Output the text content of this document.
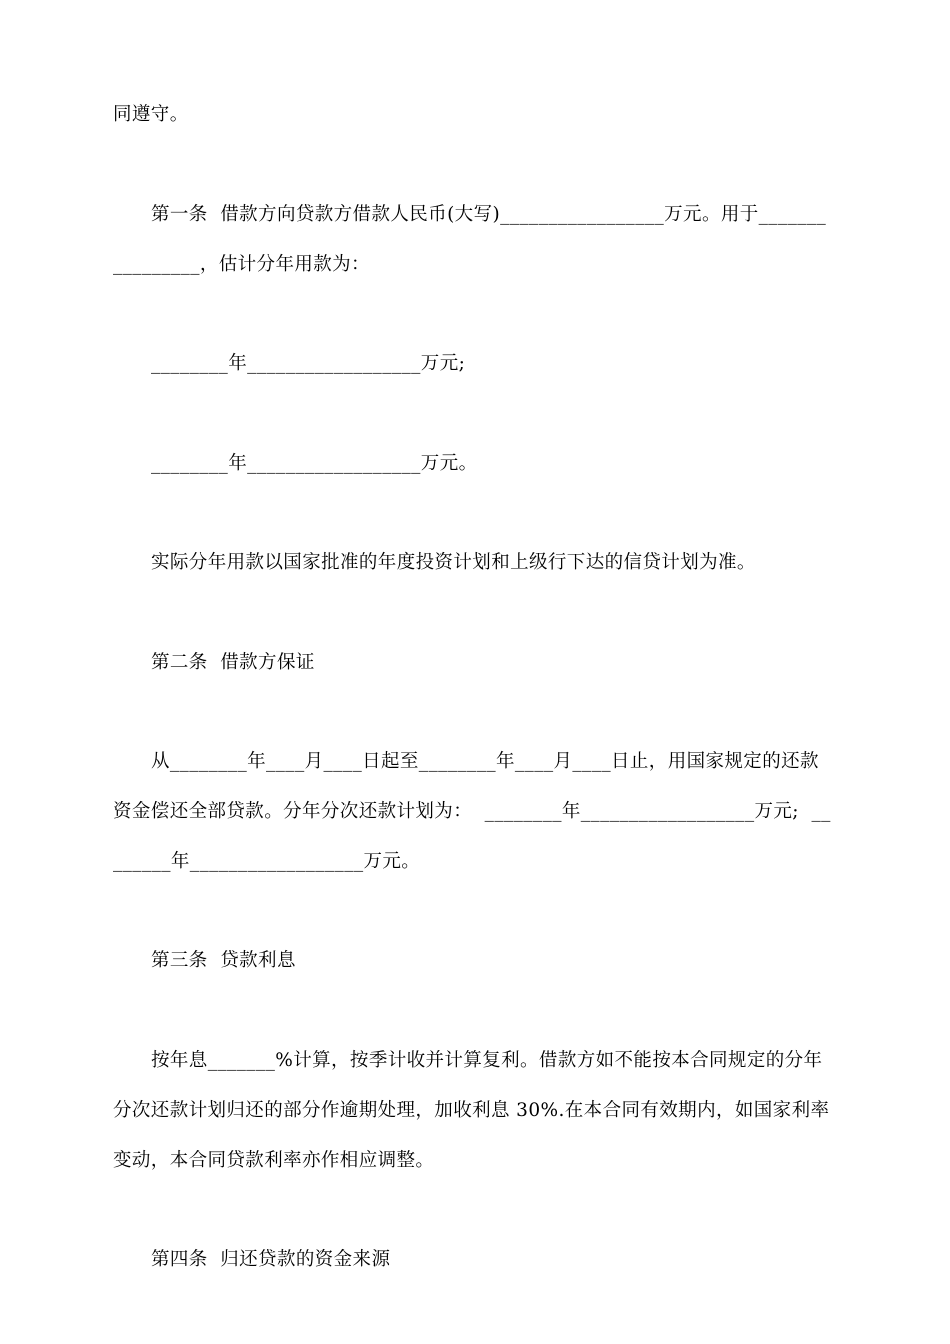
同遵守。
第一条  借款方向贷款方借款人民币(大写)_________________万元。用于_______
_________，估计分年用款为：
________年__________________万元;
________年__________________万元。
实际分年用款以国家批准的年度投资计划和上级行下达的信贷计划为准。
第二条  借款方保证
从________年____月____日起至________年____月____日止，用国家规定的还款
资金偿还全部贷款。分年分次还款计划为：  ________年__________________万元;  __
______年__________________万元。
第三条  贷款利息
按年息_______%计算，按季计收并计算复利。借款方如不能按本合同规定的分年
分次还款计划归还的部分作逾期处理，加收利息 30%.在本合同有效期内，如国家利率
变动，本合同贷款利率亦作相应调整。
第四条  归还贷款的资金来源
